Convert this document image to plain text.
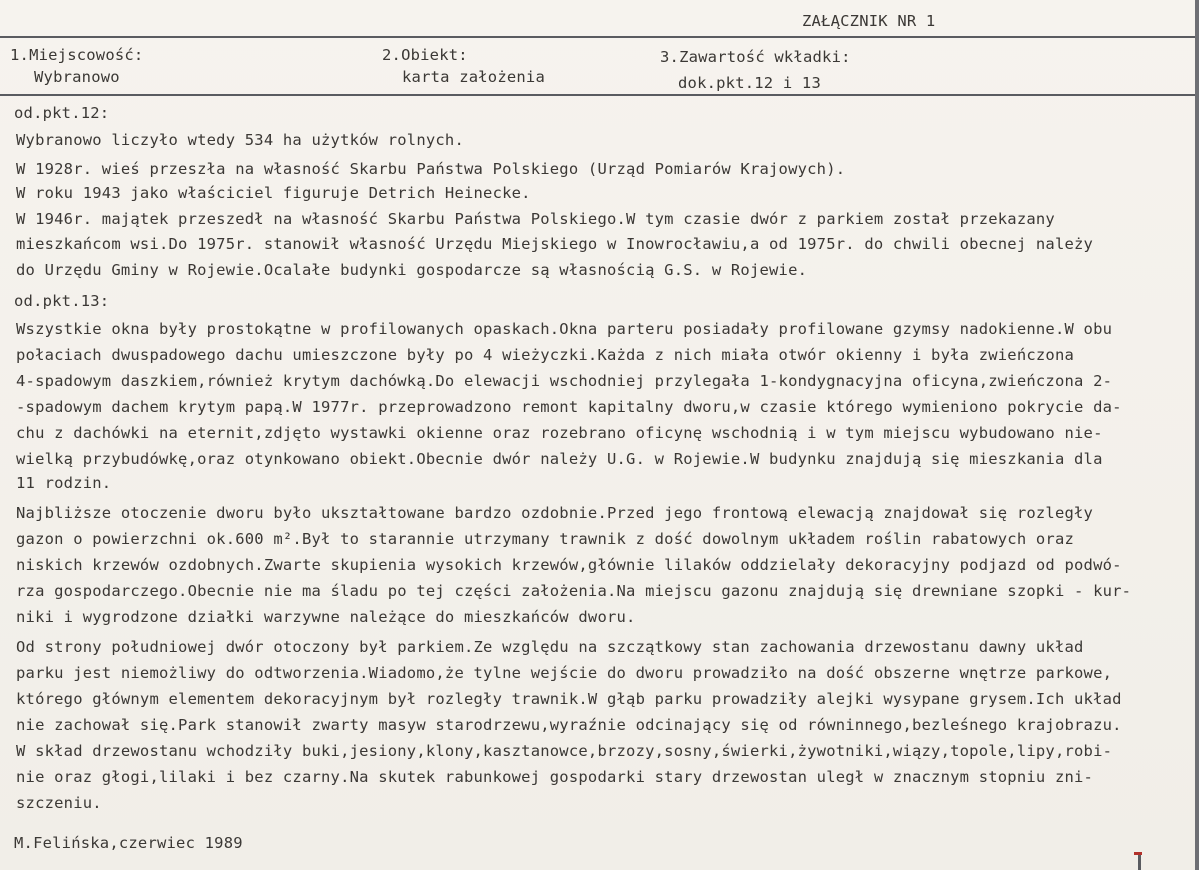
ZAŁĄCZNIK NR 1
1.Miejscowość:
Wybranowo
2.Obiekt:
karta założenia
3.Zawartość wkładki:
dok.pkt.12 i 13
od.pkt.12:
Wybranowo liczyło wtedy 534 ha użytków rolnych.
W 1928r. wieś przeszła na własność Skarbu Państwa Polskiego (Urząd Pomiarów Krajowych).
W roku 1943 jako właściciel figuruje Detrich Heinecke.
W 1946r. majątek przeszedł na własność Skarbu Państwa Polskiego.W tym czasie dwór z parkiem został przekazany
mieszkańcom wsi.Do 1975r. stanowił własność Urzędu Miejskiego w Inowrocławiu,a od 1975r. do chwili obecnej należy
do Urzędu Gminy w Rojewie.Ocalałe budynki gospodarcze są własnością G.S. w Rojewie.
od.pkt.13:
Wszystkie okna były prostokątne w profilowanych opaskach.Okna parteru posiadały profilowane gzymsy nadokienne.W obu
połaciach dwuspadowego dachu umieszczone były po 4 wieżyczki.Każda z nich miała otwór okienny i była zwieńczona
4-spadowym daszkiem,również krytym dachówką.Do elewacji wschodniej przylegała 1-kondygnacyjna oficyna,zwieńczona 2-
-spadowym dachem krytym papą.W 1977r. przeprowadzono remont kapitalny dworu,w czasie którego wymieniono pokrycie da-
chu z dachówki na eternit,zdjęto wystawki okienne oraz rozebrano oficynę wschodnią i w tym miejscu wybudowano nie-
wielką przybudówkę,oraz otynkowano obiekt.Obecnie dwór należy U.G. w Rojewie.W budynku znajdują się mieszkania dla
11 rodzin.
Najbliższe otoczenie dworu było ukształtowane bardzo ozdobnie.Przed jego frontową elewacją znajdował się rozległy
gazon o powierzchni ok.600 m².Był to starannie utrzymany trawnik z dość dowolnym układem roślin rabatowych oraz
niskich krzewów ozdobnych.Zwarte skupienia wysokich krzewów,głównie lilaków oddzielały dekoracyjny podjazd od podwó-
rza gospodarczego.Obecnie nie ma śladu po tej części założenia.Na miejscu gazonu znajdują się drewniane szopki - kur-
niki i wygrodzone działki warzywne należące do mieszkańców dworu.
Od strony południowej dwór otoczony był parkiem.Ze względu na szczątkowy stan zachowania drzewostanu dawny układ
parku jest niemożliwy do odtworzenia.Wiadomo,że tylne wejście do dworu prowadziło na dość obszerne wnętrze parkowe,
którego głównym elementem dekoracyjnym był rozległy trawnik.W głąb parku prowadziły alejki wysypane grysem.Ich układ
nie zachował się.Park stanowił zwarty masyw starodrzewu,wyraźnie odcinający się od równinnego,bezleśnego krajobrazu.
W skład drzewostanu wchodziły buki,jesiony,klony,kasztanowce,brzozy,sosny,świerki,żywotniki,wiązy,topole,lipy,robi-
nie oraz głogi,lilaki i bez czarny.Na skutek rabunkowej gospodarki stary drzewostan uległ w znacznym stopniu zni-
szczeniu.
M.Felińska,czerwiec 1989
